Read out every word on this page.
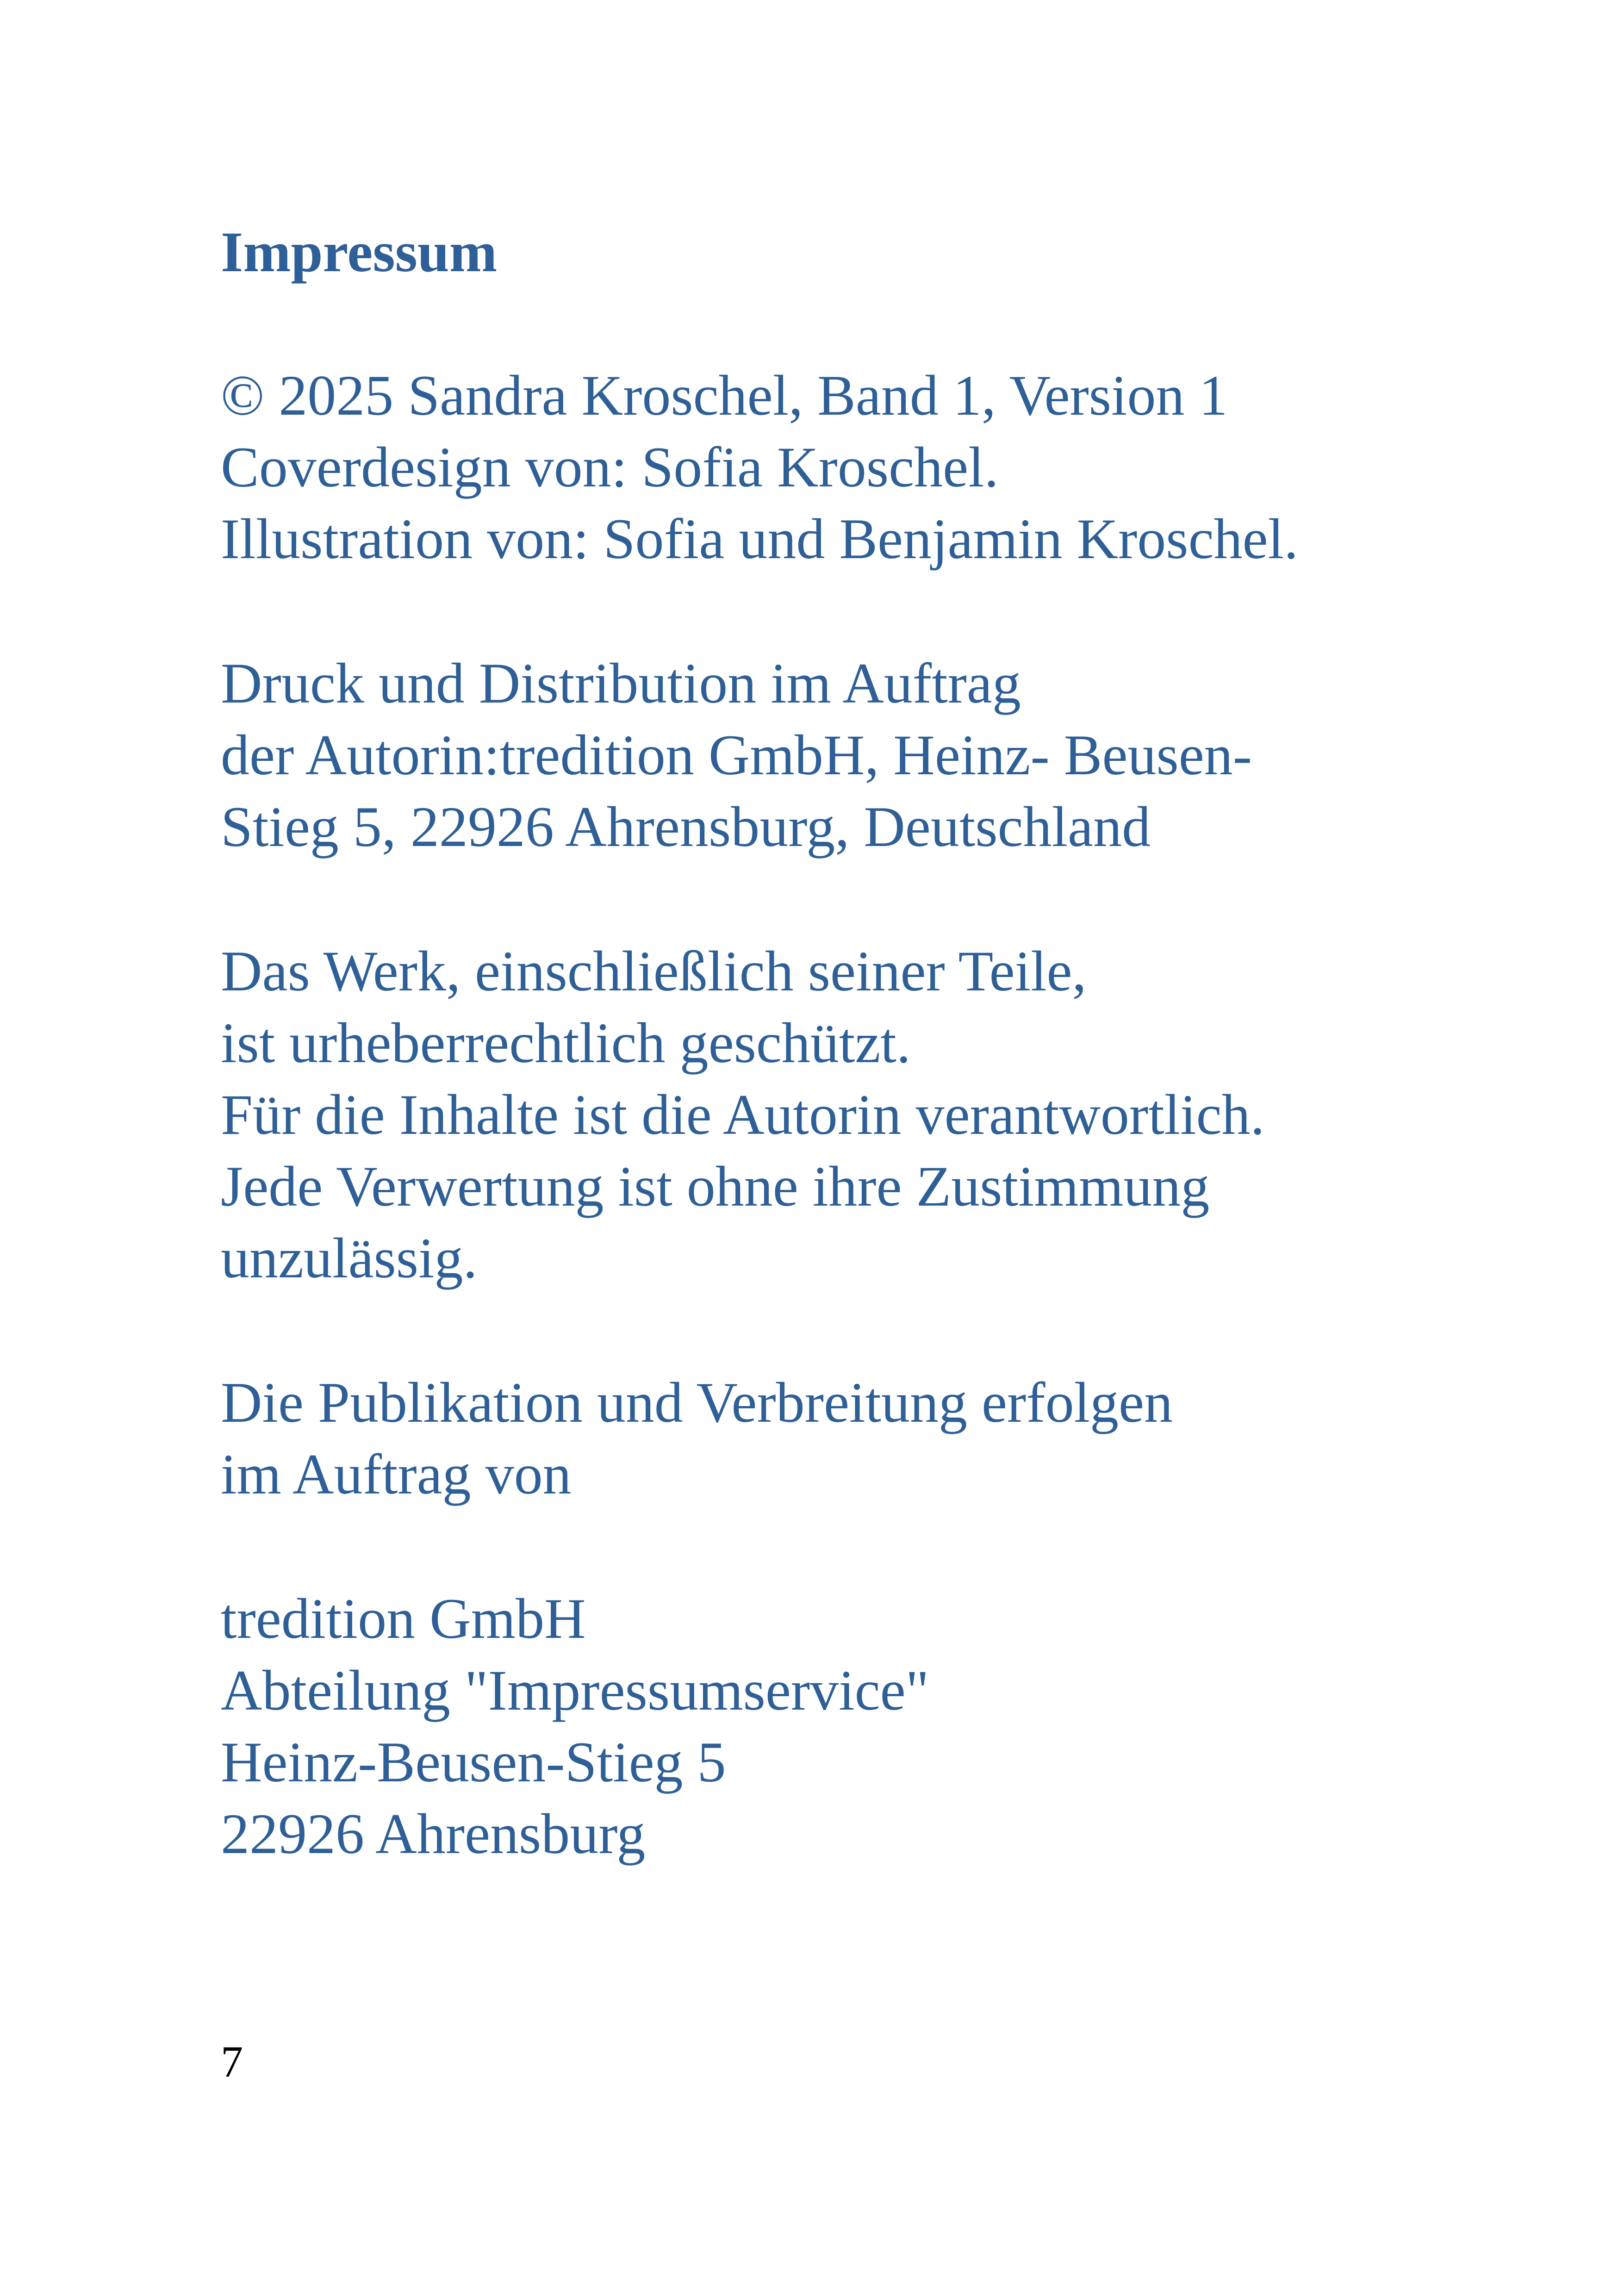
Impressum
© 2025 Sandra Kroschel, Band 1, Version 1
Coverdesign von: Sofia Kroschel.
Illustration von: Sofia und Benjamin Kroschel.
Druck und Distribution im Auftrag
der Autorin:tredition GmbH, Heinz- Beusen-
Stieg 5, 22926 Ahrensburg, Deutschland
Das Werk, einschließlich seiner Teile,
ist urheberrechtlich geschützt.
Für die Inhalte ist die Autorin verantwortlich.
Jede Verwertung ist ohne ihre Zustimmung
unzulässig.
Die Publikation und Verbreitung erfolgen
im Auftrag von
tredition GmbH
Abteilung "Impressumservice"
Heinz-Beusen-Stieg 5
22926 Ahrensburg
7
